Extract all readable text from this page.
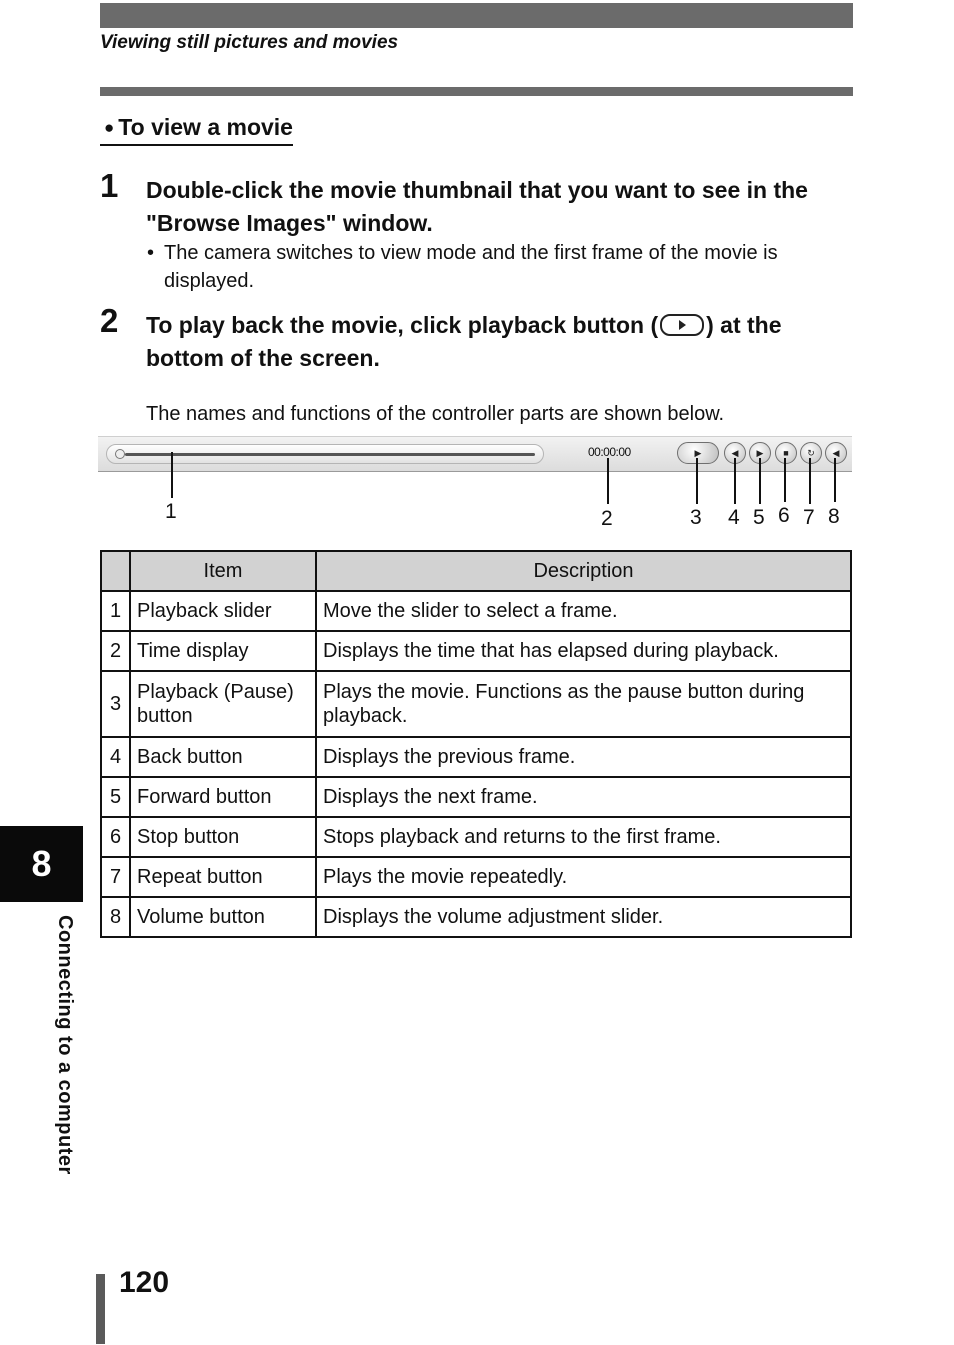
Viewing still pictures and movies
● To view a movie
1 Double-click the movie thumbnail that you want to see in the "Browse Images" window.
• The camera switches to view mode and the first frame of the movie is displayed.
2 To play back the movie, click playback button ( ) at the bottom of the screen.
The names and functions of the controller parts are shown below.
00:00:00	▶	◀	▶	■	↻	◀
1	2	3 4 5 6 7 8
	Item	Description
1	Playback slider	Move the slider to select a frame.
2	Time display	Displays the time that has elapsed during playback.
3	Playback (Pause) button	Plays the movie. Functions as the pause button during playback.
4	Back button	Displays the previous frame.
5	Forward button	Displays the next frame.
6	Stop button	Stops playback and returns to the first frame.
7	Repeat button	Plays the movie repeatedly.
8	Volume button	Displays the volume adjustment slider.
8
Connecting to a computer
120
